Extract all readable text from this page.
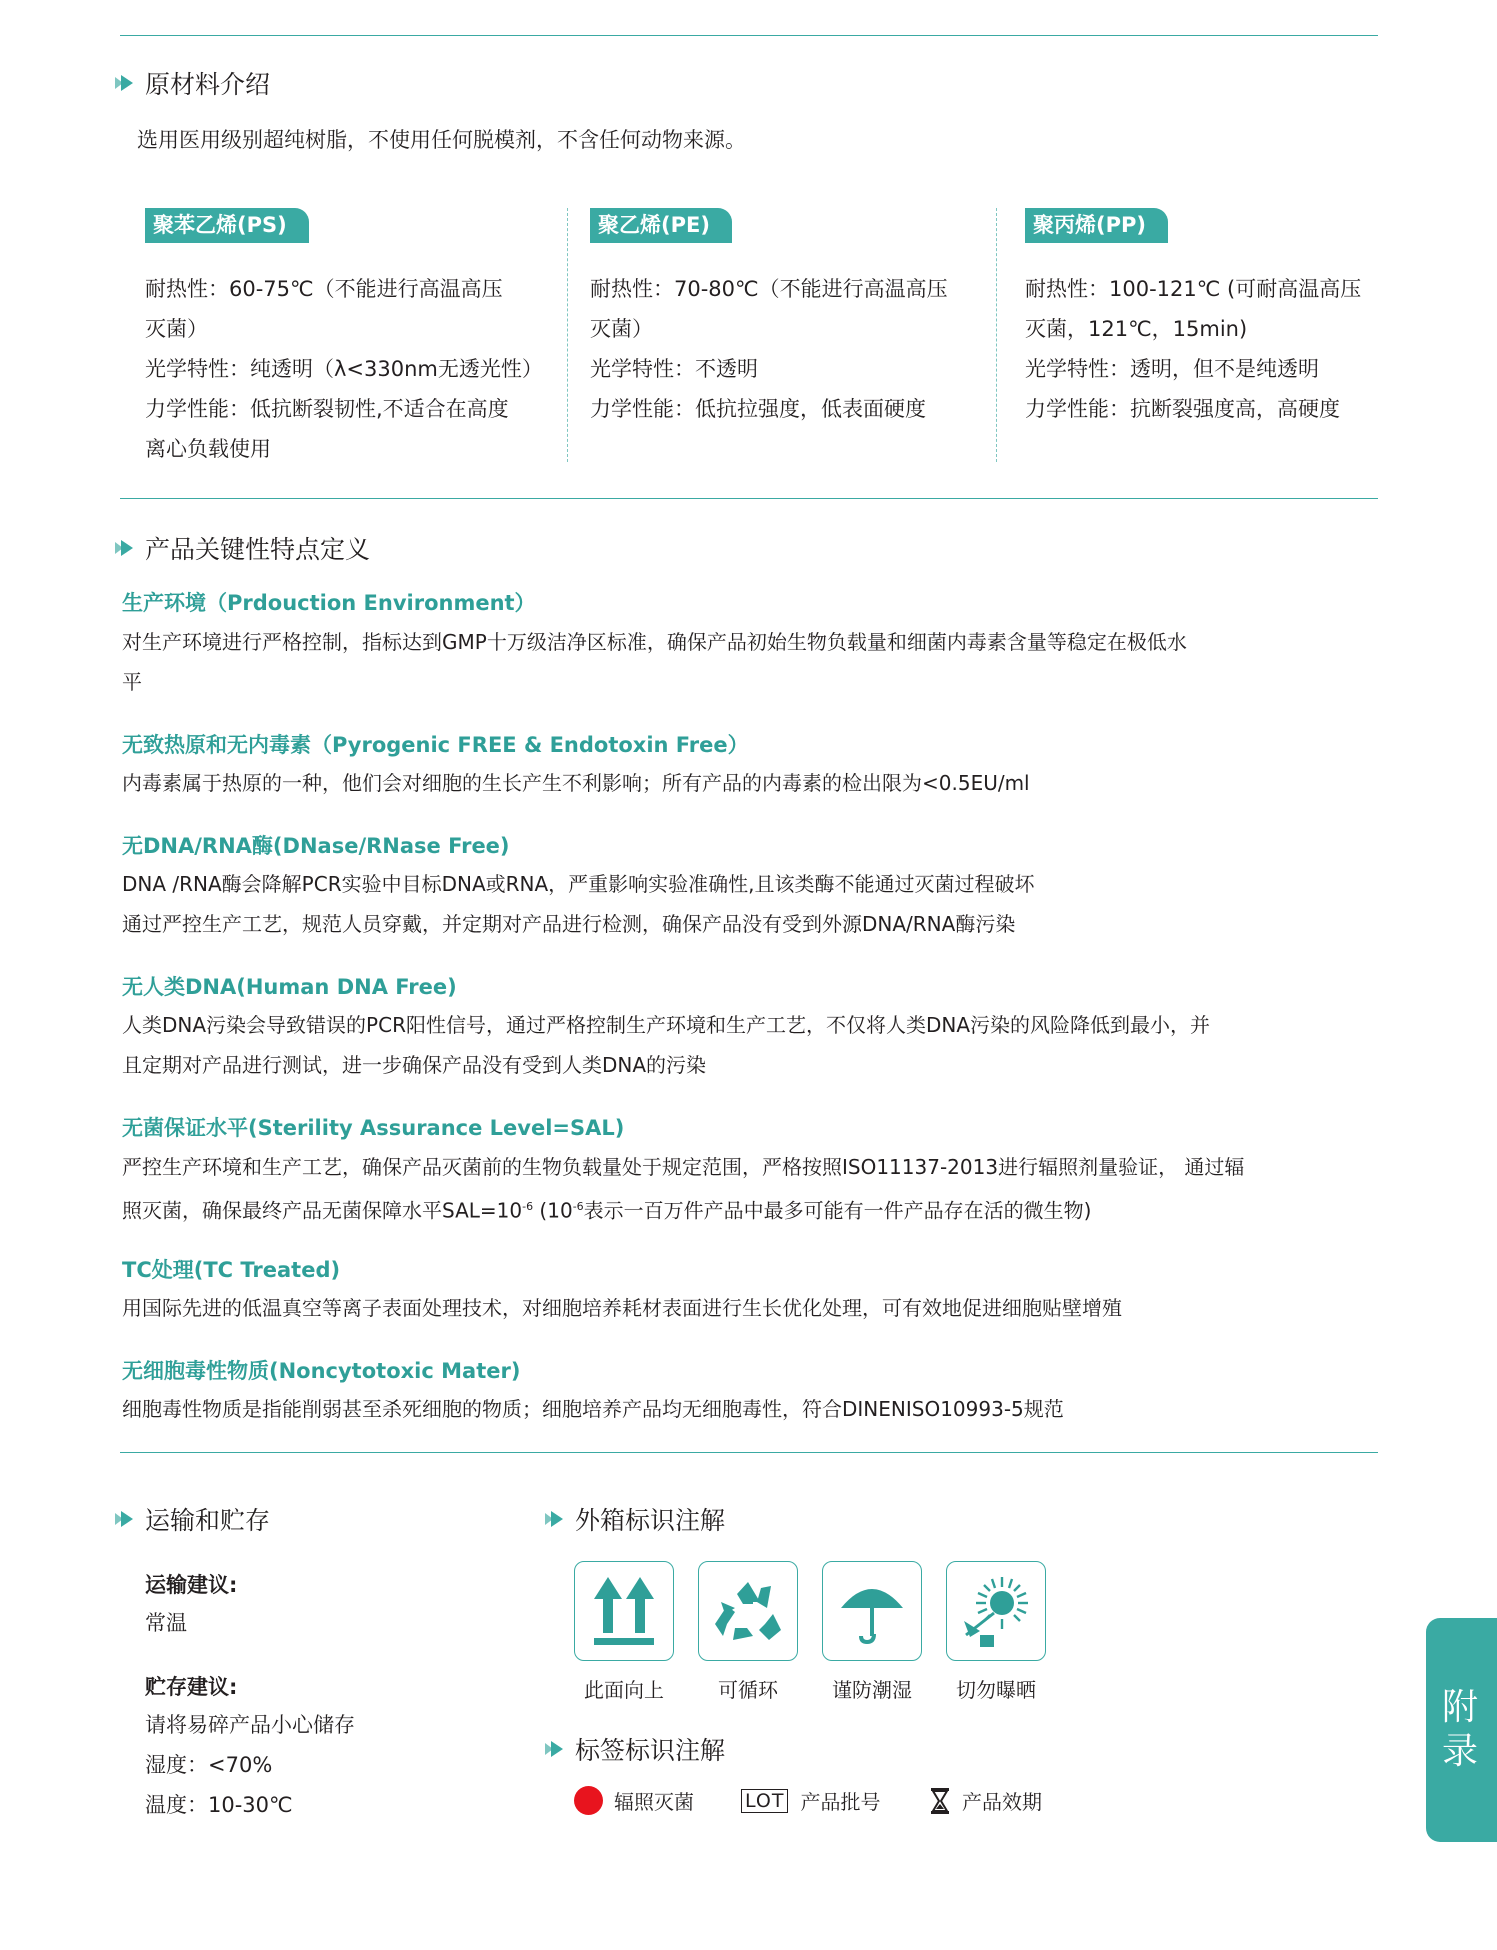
原材料介绍
选用医用级别超纯树脂，不使用任何脱模剂，不含任何动物来源。
聚苯乙烯(PS)
耐热性：60-75℃（不能进行高温高压
灭菌）
光学特性：纯透明（λ<330nm无透光性）
力学性能：低抗断裂韧性,不适合在高度
离心负载使用
聚乙烯(PE)
耐热性：70-80℃（不能进行高温高压
灭菌）
光学特性：不透明
力学性能：低抗拉强度，低表面硬度
聚丙烯(PP)
耐热性：100-121℃ (可耐高温高压
灭菌，121℃，15min)
光学特性：透明，但不是纯透明
力学性能：抗断裂强度高，高硬度
产品关键性特点定义
生产环境（Prdouction Environment）
对生产环境进行严格控制，指标达到GMP十万级洁净区标准，确保产品初始生物负载量和细菌内毒素含量等稳定在极低水
平
无致热原和无内毒素（Pyrogenic FREE & Endotoxin Free）
内毒素属于热原的一种，他们会对细胞的生长产生不利影响；所有产品的内毒素的检出限为<0.5EU/ml
无DNA/RNA酶(DNase/RNase Free)
DNA /RNA酶会降解PCR实验中目标DNA或RNA，严重影响实验准确性,且该类酶不能通过灭菌过程破坏
通过严控生产工艺，规范人员穿戴，并定期对产品进行检测，确保产品没有受到外源DNA/RNA酶污染
无人类DNA(Human DNA Free)
人类DNA污染会导致错误的PCR阳性信号，通过严格控制生产环境和生产工艺，不仅将人类DNA污染的风险降低到最小，并
且定期对产品进行测试，进一步确保产品没有受到人类DNA的污染
无菌保证水平(Sterility Assurance Level=SAL)
严控生产环境和生产工艺，确保产品灭菌前的生物负载量处于规定范围，严格按照ISO11137-2013进行辐照剂量验证， 通过辐
照灭菌，确保最终产品无菌保障水平$SAL=10^{-6}$ ($10^{-6}$表示一百万件产品中最多可能有一件产品存在活的微生物)
TC处理(TC Treated)
用国际先进的低温真空等离子表面处理技术，对细胞培养耗材表面进行生长优化处理，可有效地促进细胞贴壁增殖
无细胞毒性物质(Noncytotoxic Mater)
细胞毒性物质是指能削弱甚至杀死细胞的物质；细胞培养产品均无细胞毒性，符合DINENISO10993-5规范
运输和贮存
运输建议:
常温
贮存建议:
请将易碎产品小心储存
湿度：<70%
温度：10-30℃
外箱标识注解
此面向上	可循环	谨防潮湿	切勿曝晒
标签标识注解
辐照灭菌	LOT 产品批号	产品效期
附录
